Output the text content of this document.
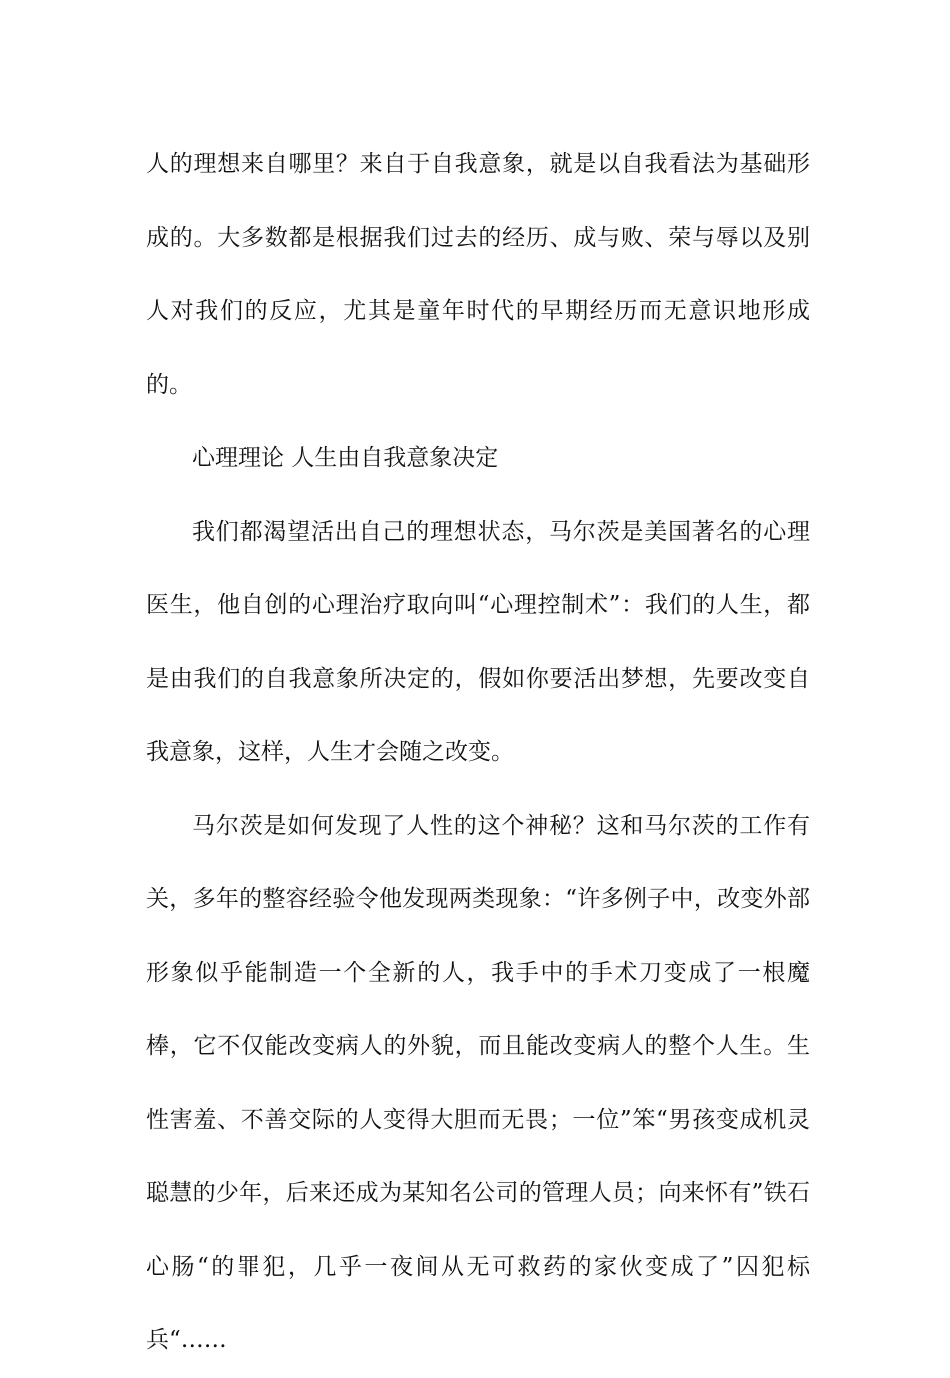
人的理想来自哪里？来自于自我意象，就是以自我看法为基础形成的。大多数都是根据我们过去的经历、成与败、荣与辱以及别人对我们的反应，尤其是童年时代的早期经历而无意识地形成的。

心理理论 人生由自我意象决定

我们都渴望活出自己的理想状态，马尔茨是美国著名的心理医生，他自创的心理治疗取向叫“心理控制术”：我们的人生，都是由我们的自我意象所决定的，假如你要活出梦想，先要改变自我意象，这样，人生才会随之改变。

马尔茨是如何发现了人性的这个神秘？这和马尔茨的工作有关，多年的整容经验令他发现两类现象：“许多例子中，改变外部形象似乎能制造一个全新的人，我手中的手术刀变成了一根魔棒，它不仅能改变病人的外貌，而且能改变病人的整个人生。生性害羞、不善交际的人变得大胆而无畏；一位”笨“男孩变成机灵聪慧的少年，后来还成为某知名公司的管理人员；向来怀有”铁石心肠“的罪犯，几乎一夜间从无可救药的家伙变成了”囚犯标兵“……
